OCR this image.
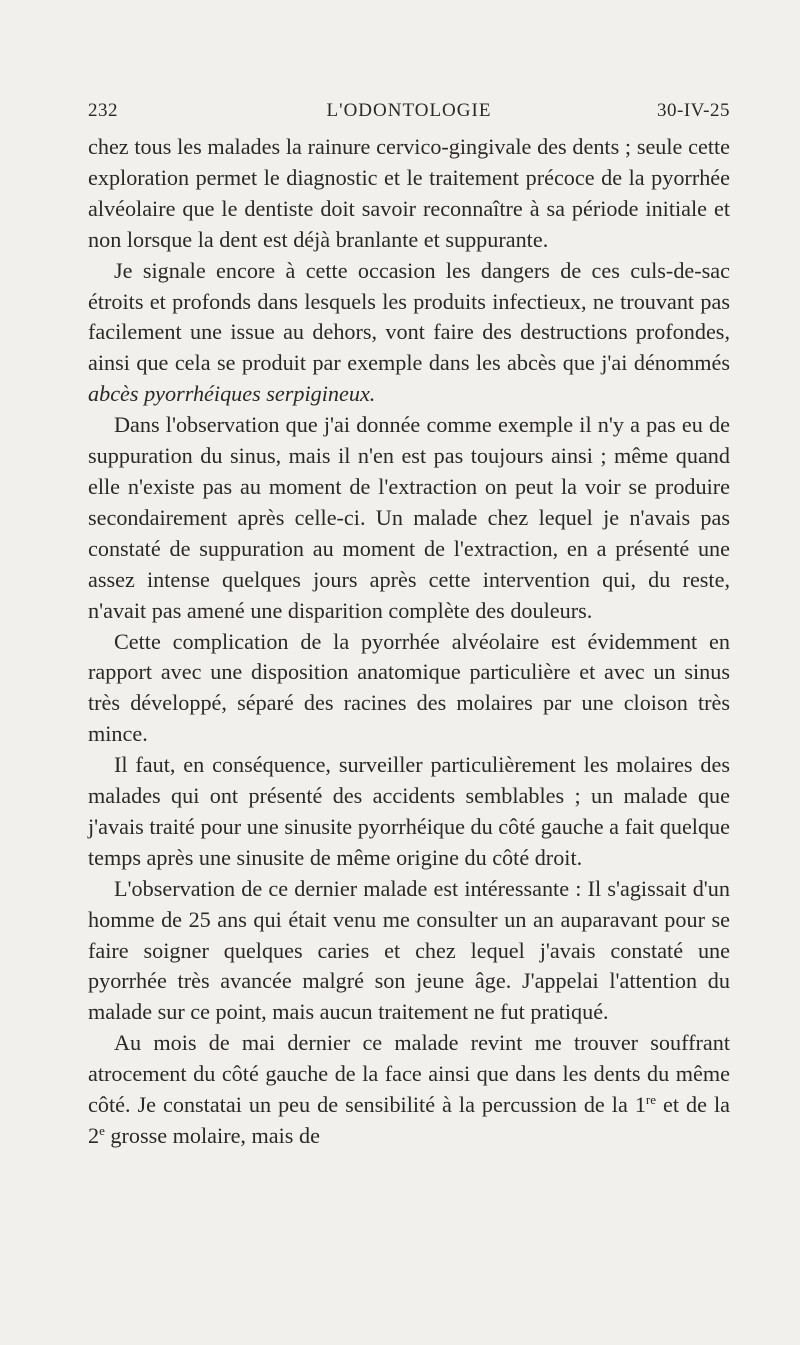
232	L'ODONTOLOGIE	30-IV-25

chez tous les malades la rainure cervico-gingivale des dents ; seule cette exploration permet le diagnostic et le traitement précoce de la pyorrhée alvéolaire que le dentiste doit savoir reconnaître à sa période initiale et non lorsque la dent est déjà branlante et suppurante.

Je signale encore à cette occasion les dangers de ces culs-de-sac étroits et profonds dans lesquels les produits infectieux, ne trouvant pas facilement une issue au dehors, vont faire des destructions profondes, ainsi que cela se produit par exemple dans les abcès que j'ai dénommés abcès pyorrhéiques serpigineux.

Dans l'observation que j'ai donnée comme exemple il n'y a pas eu de suppuration du sinus, mais il n'en est pas toujours ainsi ; même quand elle n'existe pas au moment de l'extraction on peut la voir se produire secondairement après celle-ci. Un malade chez lequel je n'avais pas constaté de suppuration au moment de l'extraction, en a présenté une assez intense quelques jours après cette intervention qui, du reste, n'avait pas amené une disparition complète des douleurs.

Cette complication de la pyorrhée alvéolaire est évidemment en rapport avec une disposition anatomique particulière et avec un sinus très développé, séparé des racines des molaires par une cloison très mince.

Il faut, en conséquence, surveiller particulièrement les molaires des malades qui ont présenté des accidents semblables ; un malade que j'avais traité pour une sinusite pyorrhéique du côté gauche a fait quelque temps après une sinusite de même origine du côté droit.

L'observation de ce dernier malade est intéressante : Il s'agissait d'un homme de 25 ans qui était venu me consulter un an auparavant pour se faire soigner quelques caries et chez lequel j'avais constaté une pyorrhée très avancée malgré son jeune âge. J'appelai l'attention du malade sur ce point, mais aucun traitement ne fut pratiqué.

Au mois de mai dernier ce malade revint me trouver souffrant atrocement du côté gauche de la face ainsi que dans les dents du même côté. Je constatai un peu de sensibilité à la percussion de la 1re et de la 2e grosse molaire, mais de
